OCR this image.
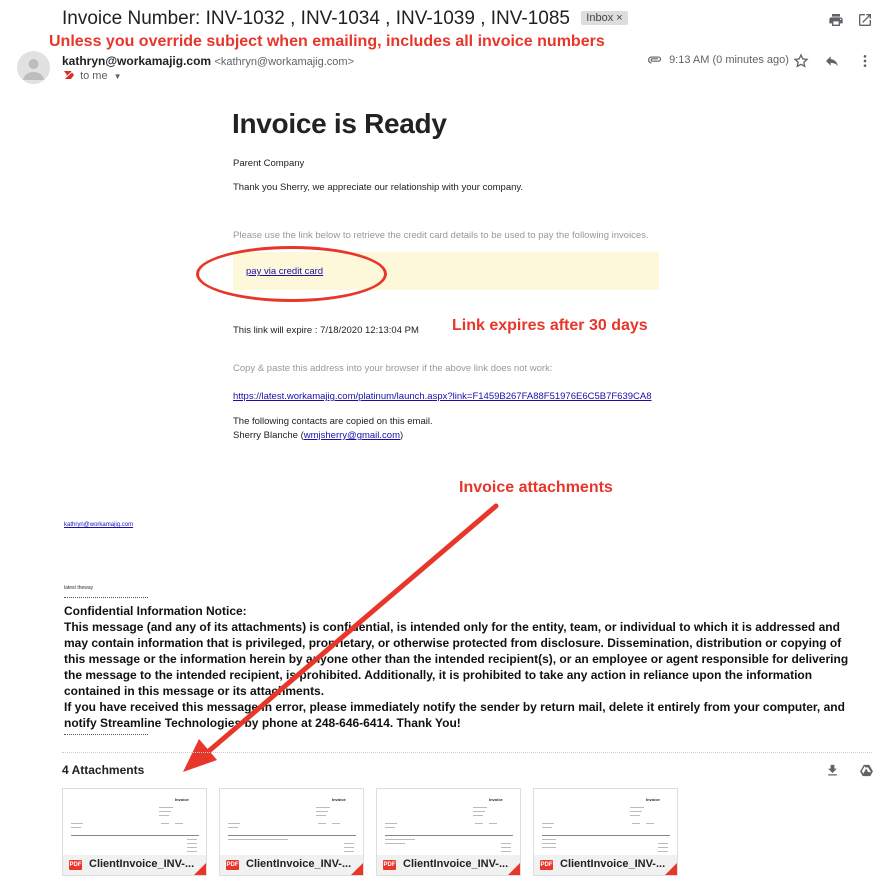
Invoice Number: INV-1032 , INV-1034 , INV-1039 , INV-1085 Inbox ×
Unless you override subject when emailing, includes all invoice numbers
kathryn@workamajig.com <kathryn@workamajig.com>
to me ▼
9:13 AM (0 minutes ago)
Invoice is Ready
Parent Company
Thank you Sherry, we appreciate our relationship with your company.
Please use the link below to retrieve the credit card details to be used to pay the following invoices.
pay via credit card
This link will expire : 7/18/2020 12:13:04 PM Link expires after 30 days
Copy & paste this address into your browser if the above link does not work:
https://latest.workamajig.com/platinum/launch.aspx?link=F1459B267FA88F51976E6C5B7F639CA8
The following contacts are copied on this email.
Sherry Blanche (wmjsherry@gmail.com)
Invoice attachments
kathryn@workamajig.com
latest theway
Confidential Information Notice:
This message (and any of its attachments) is confidential, is intended only for the entity, team, or individual to which it is addressed and may contain information that is privileged, proprietary, or otherwise protected from disclosure. Dissemination, distribution or copying of this message or the information herein by anyone other than the intended recipient(s), or an employee or agent responsible for delivering the message to the intended recipient, is prohibited. Additionally, it is prohibited to take any action in reliance upon the information contained in this message or its attachments.
If you have received this message in error, please immediately notify the sender by return mail, delete it entirely from your computer, and notify Streamline Technologies by phone at 248-646-6414. Thank You!
4 Attachments
Invoice
PDF ClientInvoice_INV-...
Invoice
PDF ClientInvoice_INV-...
Invoice
PDF ClientInvoice_INV-...
Invoice
PDF ClientInvoice_INV-...
